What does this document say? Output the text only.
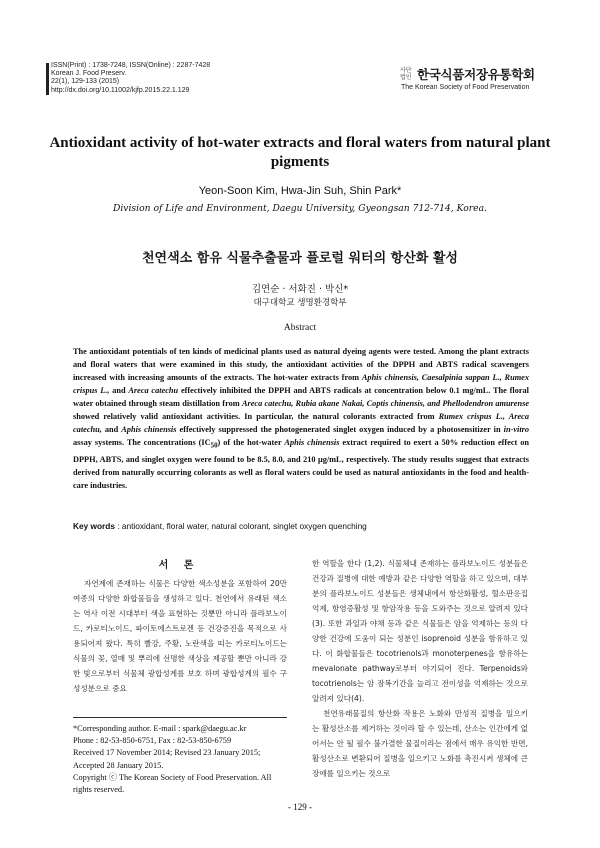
ISSN(Print) : 1738-7248, ISSN(Online) : 2287-7428
Korean J. Food Preserv.
22(1), 129-133 (2015)
http://dx.doi.org/10.11002/kjfp.2015.22.1.129
사단
법인 한국식품저장유통학회
The Korean Society of Food Preservation
Antioxidant activity of hot-water extracts and floral waters from natural plant pigments
Yeon-Soon Kim, Hwa-Jin Suh, Shin Park*
Division of Life and Environment, Daegu University, Gyeongsan 712-714, Korea.
천연색소 함유 식물추출물과 플로럴 워터의 항산화 활성
김연순 · 서화진 · 박신*
대구대학교 생명환경학부
Abstract
The antioxidant potentials of ten kinds of medicinal plants used as natural dyeing agents were tested. Among the plant extracts and floral waters that were examined in this study, the antioxidant activities of the DPPH and ABTS radical scavengers increased with increasing amounts of the extracts. The hot-water extracts from Aphis chinensis, Caesalpinia sappan L., Rumex crispus L., and Areca catechu effectively inhibited the DPPH and ABTS radicals at concentration below 0.1 mg/mL. The floral water obtained through steam distillation from Areca catechu, Rubia akane Nakai, Coptis chinensis, and Phellodendron amurense showed relatively valid antioxidant activities. In particular, the natural colorants extracted from Rumex crispus L., Areca catechu, and Aphis chinensis effectively suppressed the photogenerated singlet oxygen induced by a photosensitizer in in-vitro assay systems. The concentrations $(IC_{50})$ of the hot-water Aphis chinensis extract required to exert a 50% reduction effect on DPPH, ABTS, and singlet oxygen were found to be 8.5, 8.0, and 210 μg/mL, respectively. The study results suggest that extracts derived from naturally occurring colorants as well as floral waters could be used as natural antioxidants in the food and health-care industries.
Key words : antioxidant, floral water, natural colorant, singlet oxygen quenching
서 론

자연계에 존재하는 식물은 다양한 색소성분을 포함하여 20만여종의 다양한 화합물들을 생성하고 있다. 천연에서 유래된 색소는 역사 이전 시대부터 색을 표현하는 것뿐만 아니라 플라보노이드, 카로티노이드, 파이토에스트로겐 등 건강증진을 목적으로 사용되어져 왔다. 특히 빨강, 주황, 노란색을 띠는 카로티노이드는 식물의 꽃, 열매 및 뿌리에 선명한 색상을 제공할 뿐만 아니라 강한 빛으로부터 식물체 광합성계를 보호 하며 광합성계의 필수 구성성분으로 중요

한 역할을 한다 (1,2). 식물체내 존재하는 플라보노이드 성분들은 건강과 질병에 대한 예방과 같은 다양한 역할을 하고 있으며, 대부분의 플라보노이드 성분들은 생체내에서 항산화활성, 혈소판응집 억제, 항염증활성 및 항암작용 등을 도와주는 것으로 알려져 있다(3). 또한 과일과 야채 등과 같은 식물들은 암을 억제하는 등의 다양한 건강에 도움이 되는 성분인 isoprenoid 성분을 함유하고 있다. 이 화합물들은 tocotrienols과 monoterpenes을 함유하는 mevalonate pathway로부터 야기되어 진다. Terpenoids와 tocotrienols는 암 잠복기간을 늘리고 전이성을 억제하는 것으로 알려져 있다(4).

천연유래물질의 항산화 작용은 노화와 만성적 질병을 일으키는 활성산소를 제거하는 것이라 할 수 있는데, 산소는 인간에게 없어서는 안 될 필수 불가결한 물질이라는 점에서 매우 유익한 반면, 활성산소로 변환되어 질병을 일으키고 노화를 촉진시켜 생체에 큰 장애를 일으키는 것으로

*Corresponding author. E-mail : spark@daegu.ac.kr
Phone : 82-53-850-6751, Fax : 82-53-850-6759
Received 17 November 2014; Revised 23 January 2015;
Accepted 28 January 2015.
Copyright ⓒ The Korean Society of Food Preservation. All
rights reserved.
- 129 -
